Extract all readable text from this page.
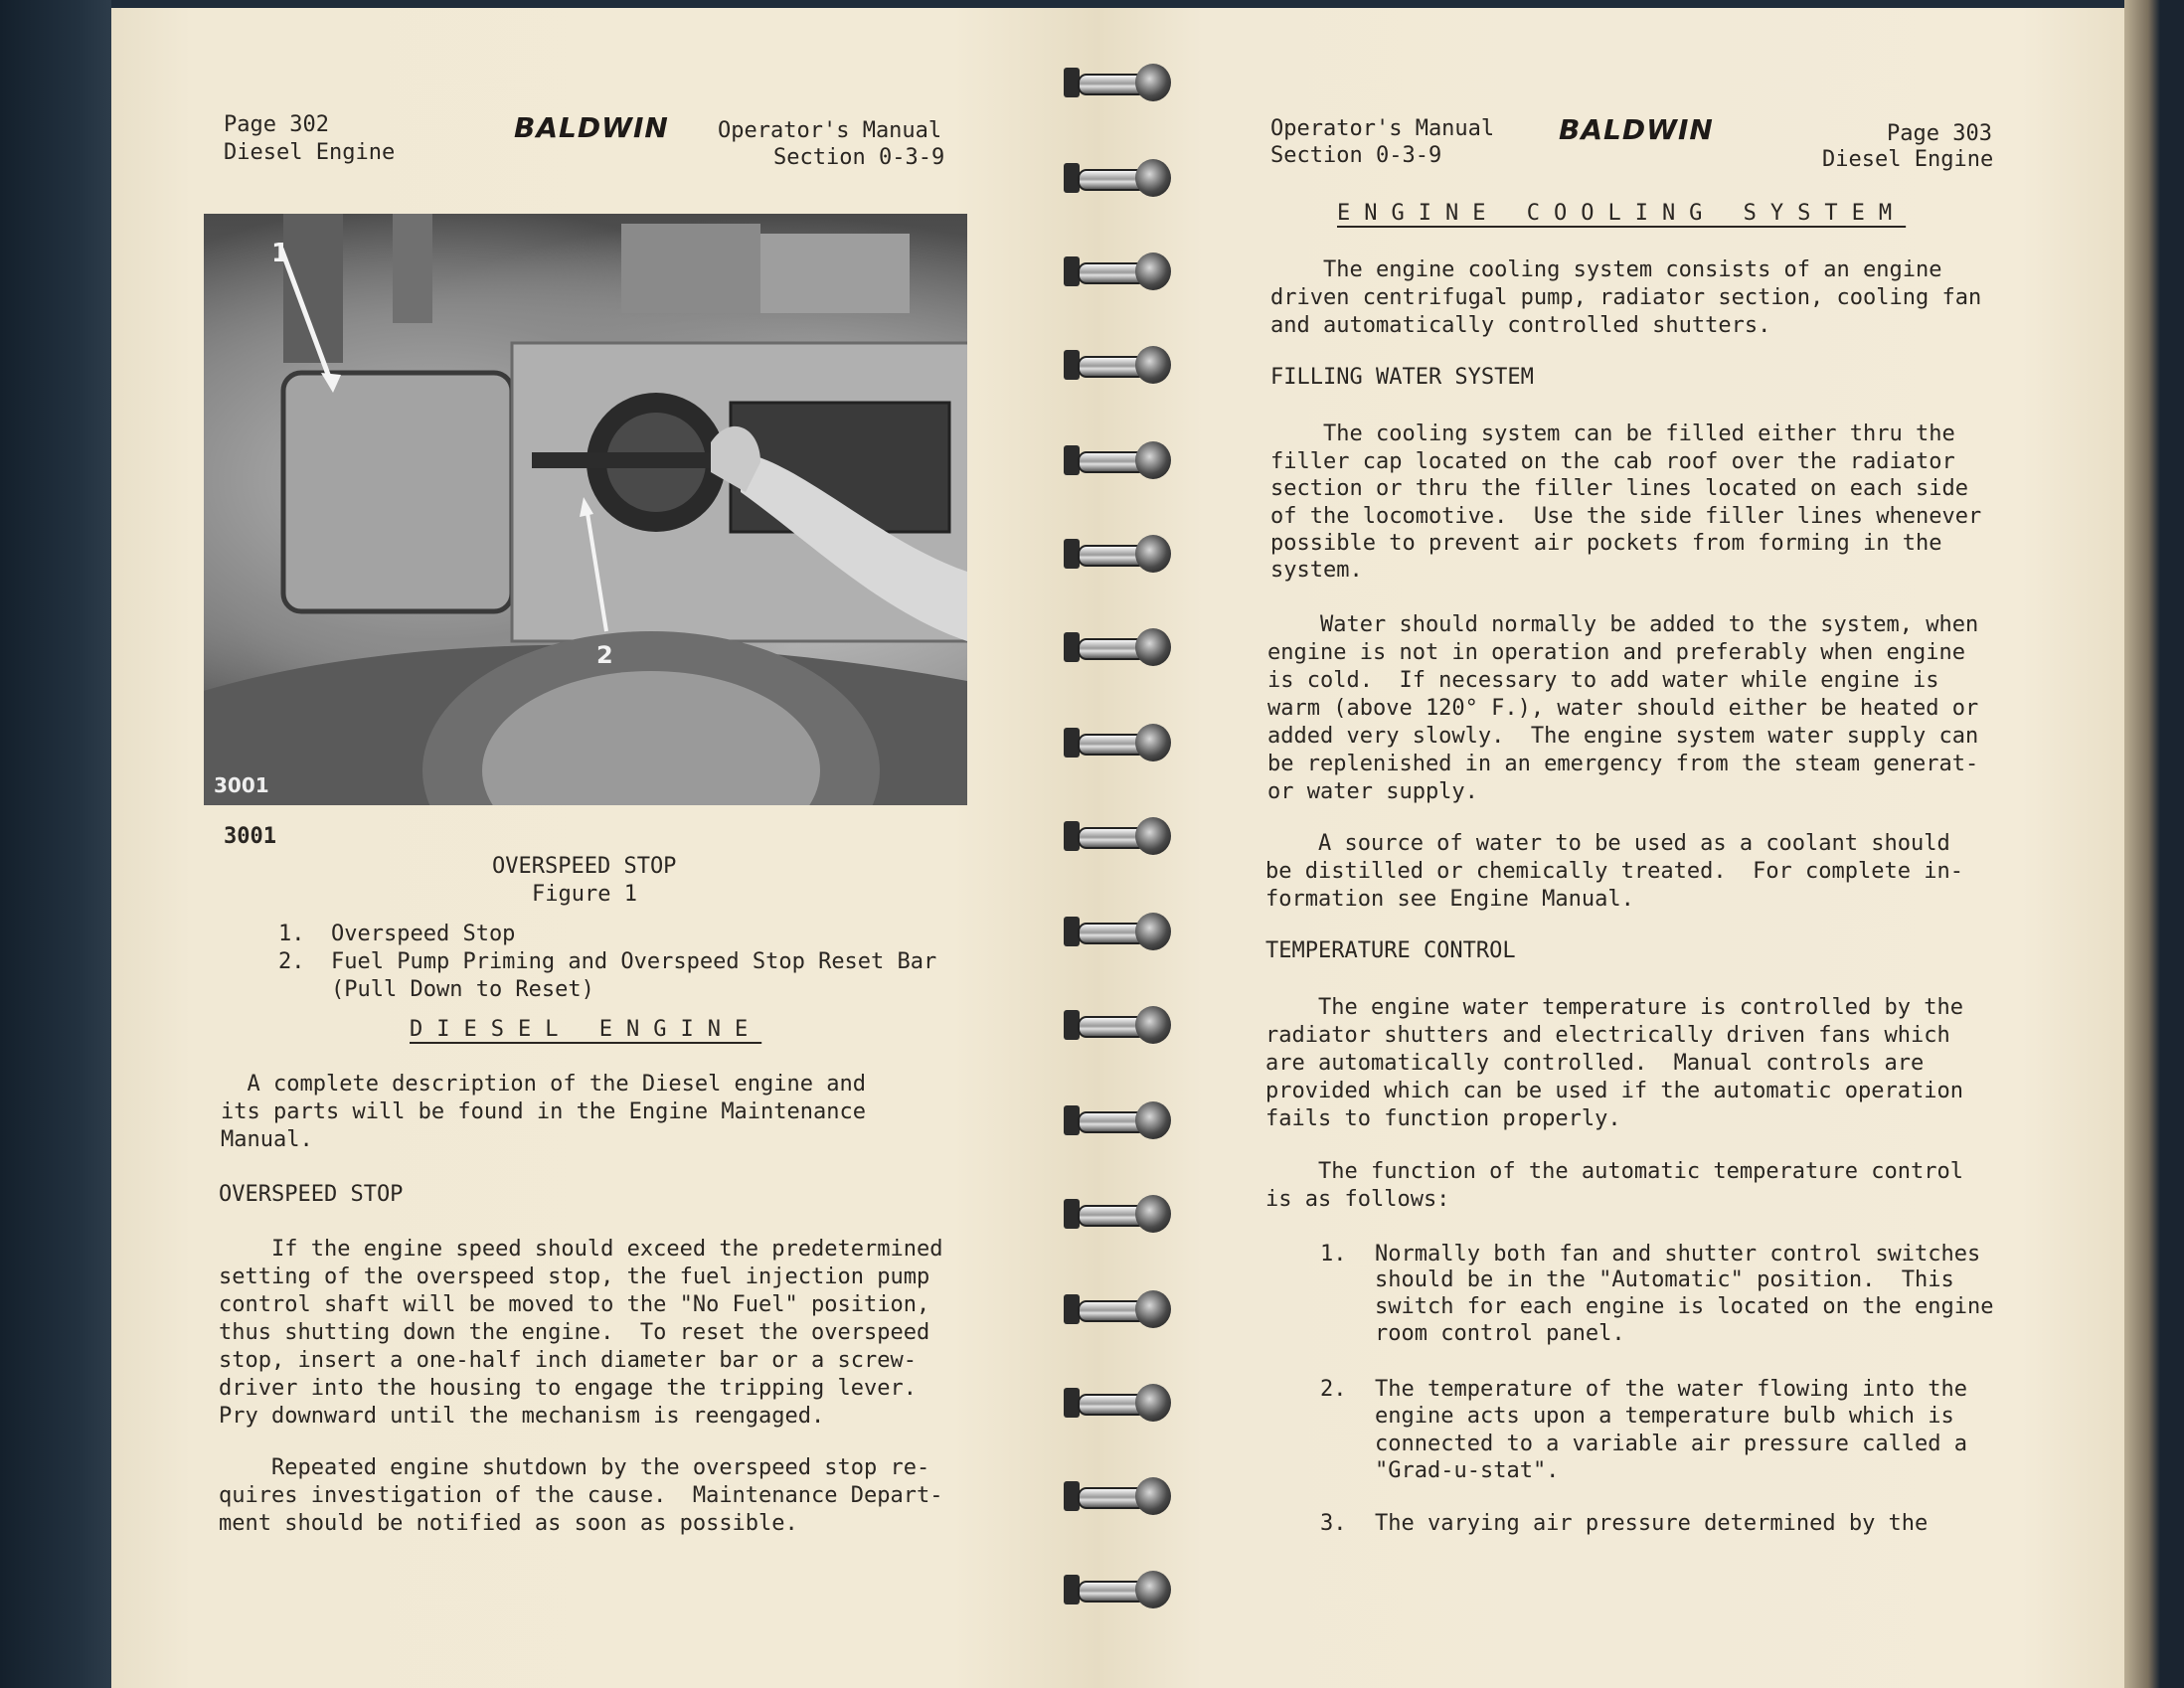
Page 302
Diesel Engine
BALDWIN Operator's Manual
Section 0-3-9
1
2
3001
3001
OVERSPEED STOP
Figure 1
1. Overspeed Stop
2. Fuel Pump Priming and Overspeed Stop Reset Bar
(Pull Down to Reset)
DIESEL ENGINE
A complete description of the Diesel engine and
its parts will be found in the Engine Maintenance
Manual.
OVERSPEED STOP
If the engine speed should exceed the predetermined
setting of the overspeed stop, the fuel injection pump
control shaft will be moved to the "No Fuel" position,
thus shutting down the engine.  To reset the overspeed
stop, insert a one-half inch diameter bar or a screw-
driver into the housing to engage the tripping lever.
Pry downward until the mechanism is reengaged.
Repeated engine shutdown by the overspeed stop re-
quires investigation of the cause.  Maintenance Depart-
ment should be notified as soon as possible.
Operator's Manual
Section 0-3-9
BALDWIN	Page 303
Diesel Engine
ENGINE COOLING SYSTEM
The engine cooling system consists of an engine
driven centrifugal pump, radiator section, cooling fan
and automatically controlled shutters.
FILLING WATER SYSTEM
The cooling system can be filled either thru the
filler cap located on the cab roof over the radiator
section or thru the filler lines located on each side
of the locomotive.  Use the side filler lines whenever
possible to prevent air pockets from forming in the
system.
Water should normally be added to the system, when
engine is not in operation and preferably when engine
is cold.  If necessary to add water while engine is
warm (above 120° F.), water should either be heated or
added very slowly.  The engine system water supply can
be replenished in an emergency from the steam generat-
or water supply.
A source of water to be used as a coolant should
be distilled or chemically treated.  For complete in-
formation see Engine Manual.
TEMPERATURE CONTROL
The engine water temperature is controlled by the
radiator shutters and electrically driven fans which
are automatically controlled.  Manual controls are
provided which can be used if the automatic operation
fails to function properly.
The function of the automatic temperature control
is as follows:
1. Normally both fan and shutter control switches
should be in the "Automatic" position.  This
switch for each engine is located on the engine
room control panel.
2. The temperature of the water flowing into the
engine acts upon a temperature bulb which is
connected to a variable air pressure called a
"Grad-u-stat".
3. The varying air pressure determined by the
